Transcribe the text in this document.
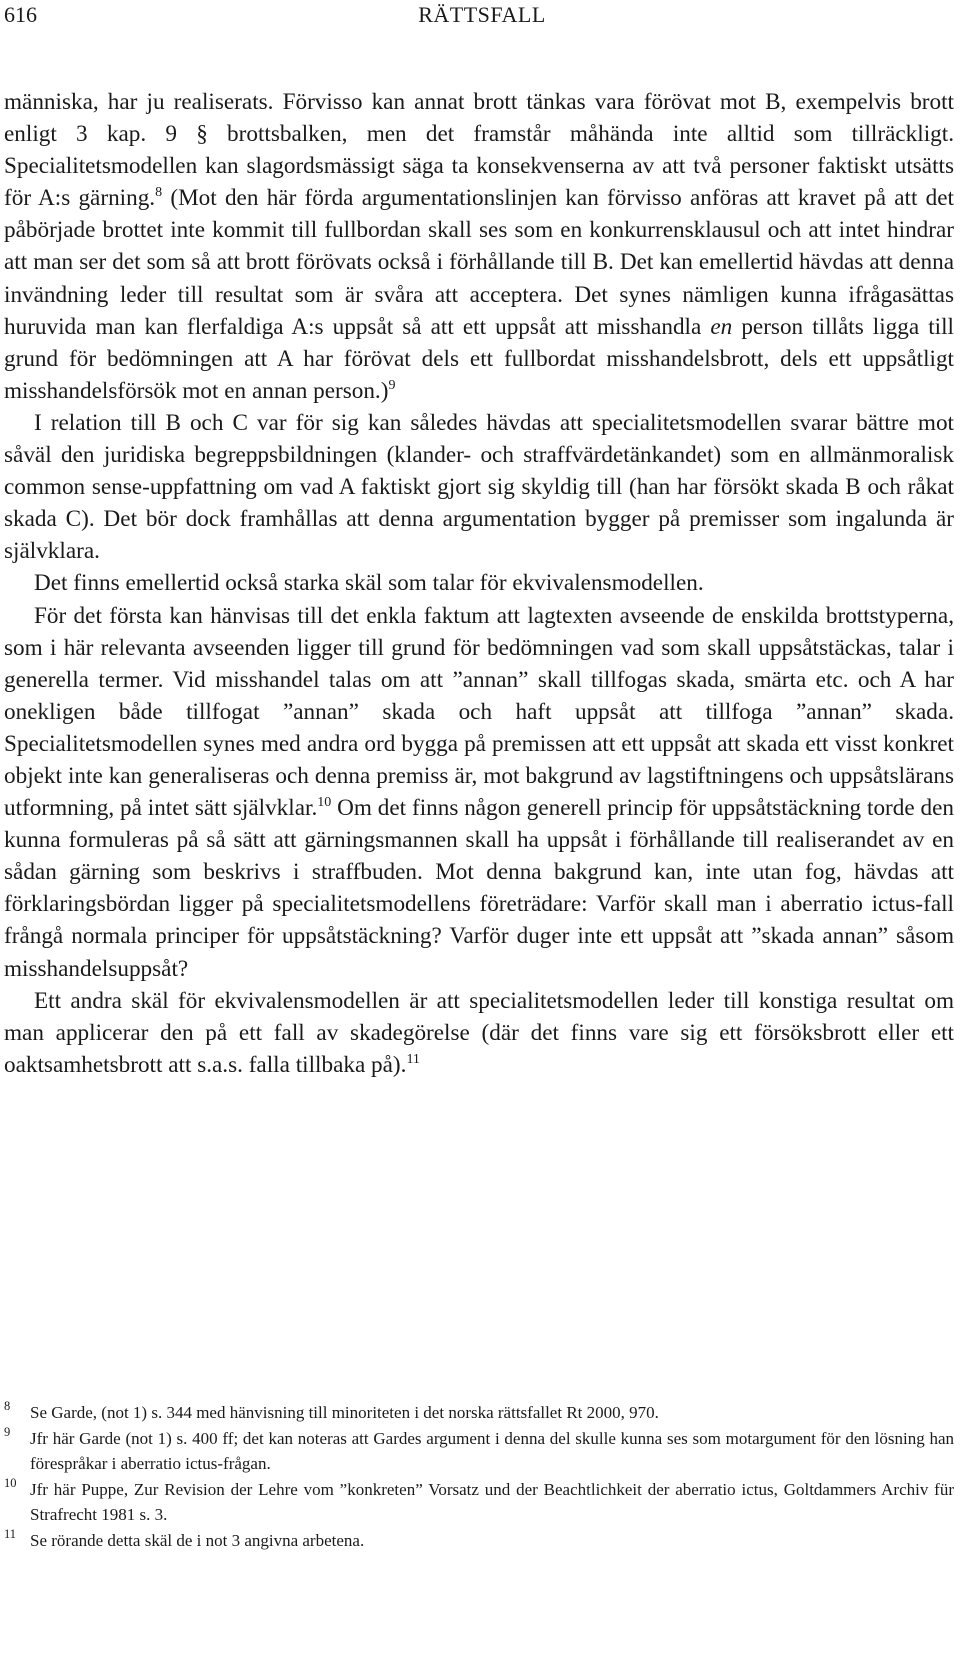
616	RÄTTSFALL

människa, har ju realiserats. Förvisso kan annat brott tänkas vara förövat mot B, exempelvis brott enligt 3 kap. 9 § brottsbalken, men det framstår måhända inte alltid som tillräckligt. Specialitetsmodellen kan slagordsmässigt säga ta konsekvenserna av att två personer faktiskt utsätts för A:s gärning.$^8$ (Mot den här förda argumentationslinjen kan förvisso anföras att kravet på att det påbörjade brottet inte kommit till fullbordan skall ses som en konkurrensklausul och att intet hindrar att man ser det som så att brott förövats också i förhållande till B. Det kan emellertid hävdas att denna invändning leder till resultat som är svåra att acceptera. Det synes nämligen kunna ifrågasättas huruvida man kan flerfaldiga A:s uppsåt så att ett uppsåt att misshandla en person tillåts ligga till grund för bedömningen att A har förövat dels ett fullbordat misshandelsbrott, dels ett uppsåtligt misshandelsförsök mot en annan person.)$^9$

I relation till B och C var för sig kan således hävdas att specialitetsmodellen svarar bättre mot såväl den juridiska begreppsbildningen (klander- och straffvärdetänkandet) som en allmänmoralisk common sense-uppfattning om vad A faktiskt gjort sig skyldig till (han har försökt skada B och råkat skada C). Det bör dock framhållas att denna argumentation bygger på premisser som ingalunda är självklara.

Det finns emellertid också starka skäl som talar för ekvivalensmodellen.

För det första kan hänvisas till det enkla faktum att lagtexten avseende de enskilda brottstyperna, som i här relevanta avseenden ligger till grund för bedömningen vad som skall uppsåtstäckas, talar i generella termer. Vid misshandel talas om att ”annan” skall tillfogas skada, smärta etc. och A har onekligen både tillfogat ”annan” skada och haft uppsåt att tillfoga ”annan” skada. Specialitetsmodellen synes med andra ord bygga på premissen att ett uppsåt att skada ett visst konkret objekt inte kan generaliseras och denna premiss är, mot bakgrund av lagstiftningens och uppsåtslärans utformning, på intet sätt självklar.$^{10}$ Om det finns någon generell princip för uppsåtstäckning torde den kunna formuleras på så sätt att gärningsmannen skall ha uppsåt i förhållande till realiserandet av en sådan gärning som beskrivs i straffbuden. Mot denna bakgrund kan, inte utan fog, hävdas att förklaringsbördan ligger på specialitetsmodellens företrädare: Varför skall man i aberratio ictus-fall frångå normala principer för uppsåtstäckning? Varför duger inte ett uppsåt att ”skada annan” såsom misshandelsuppsåt?

Ett andra skäl för ekvivalensmodellen är att specialitetsmodellen leder till konstiga resultat om man applicerar den på ett fall av skadegörelse (där det finns vare sig ett försöksbrott eller ett oaktsamhetsbrott att s.a.s. falla tillbaka på).$^{11}$

8 Se Garde, (not 1) s. 344 med hänvisning till minoriteten i det norska rättsfallet Rt 2000, 970.
9 Jfr här Garde (not 1) s. 400 ff; det kan noteras att Gardes argument i denna del skulle kunna ses som motargument för den lösning han förespråkar i aberratio ictus-frågan.
10 Jfr här Puppe, Zur Revision der Lehre vom ”konkreten” Vorsatz und der Beachtlichkeit der aberratio ictus, Goltdammers Archiv für Strafrecht 1981 s. 3.
11 Se rörande detta skäl de i not 3 angivna arbetena.
